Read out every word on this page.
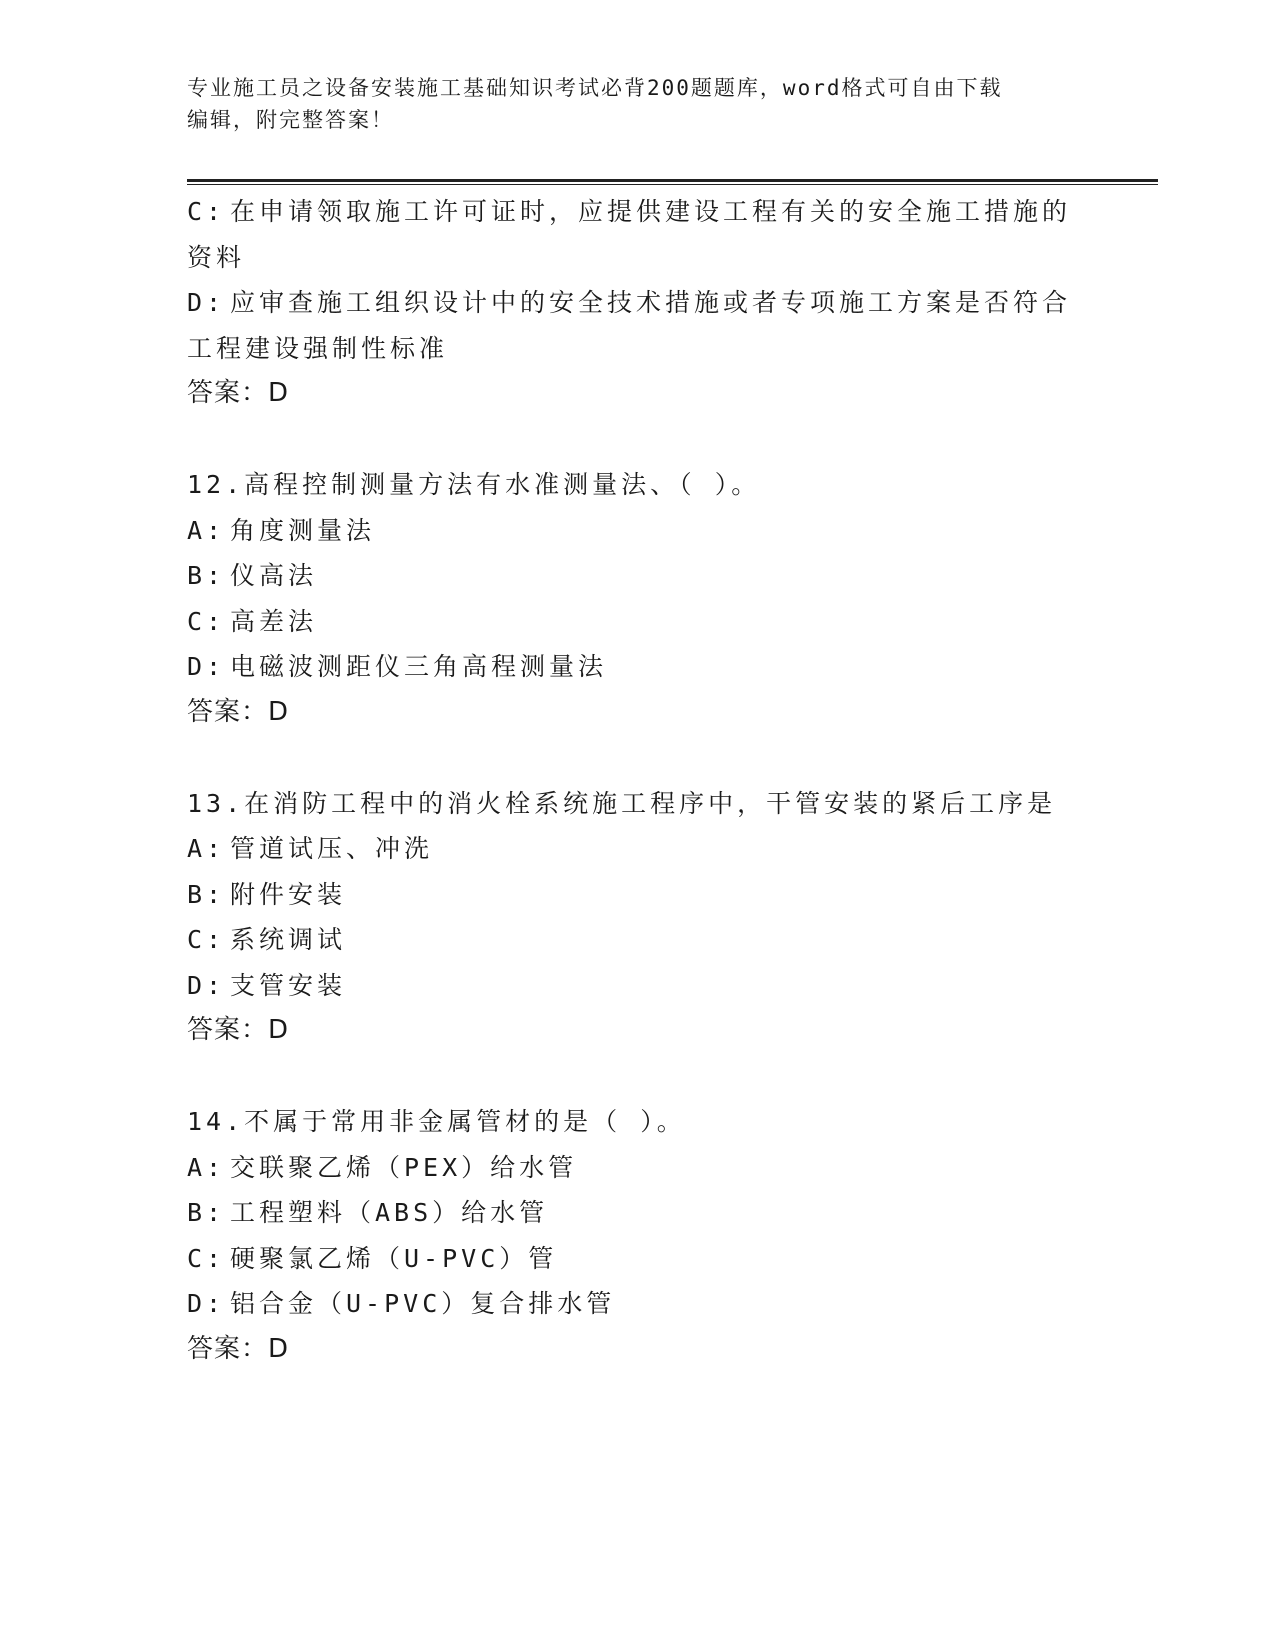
专业施工员之设备安装施工基础知识考试必背200题题库，word格式可自由下载
编辑，附完整答案！
C: 在申请领取施工许可证时，应提供建设工程有关的安全施工措施的
资料
D: 应审查施工组织设计中的安全技术措施或者专项施工方案是否符合
工程建设强制性标准
答案：D
12.高程控制测量方法有水准测量法、（ ）。
A: 角度测量法
B: 仪高法
C: 高差法
D: 电磁波测距仪三角高程测量法
答案：D
13.在消防工程中的消火栓系统施工程序中，干管安装的紧后工序是
A: 管道试压、冲洗
B: 附件安装
C: 系统调试
D: 支管安装
答案：D
14.不属于常用非金属管材的是（ ）。
A: 交联聚乙烯（PEX）给水管
B: 工程塑料（ABS）给水管
C: 硬聚氯乙烯（U-PVC）管
D: 铝合金（U-PVC）复合排水管
答案：D
